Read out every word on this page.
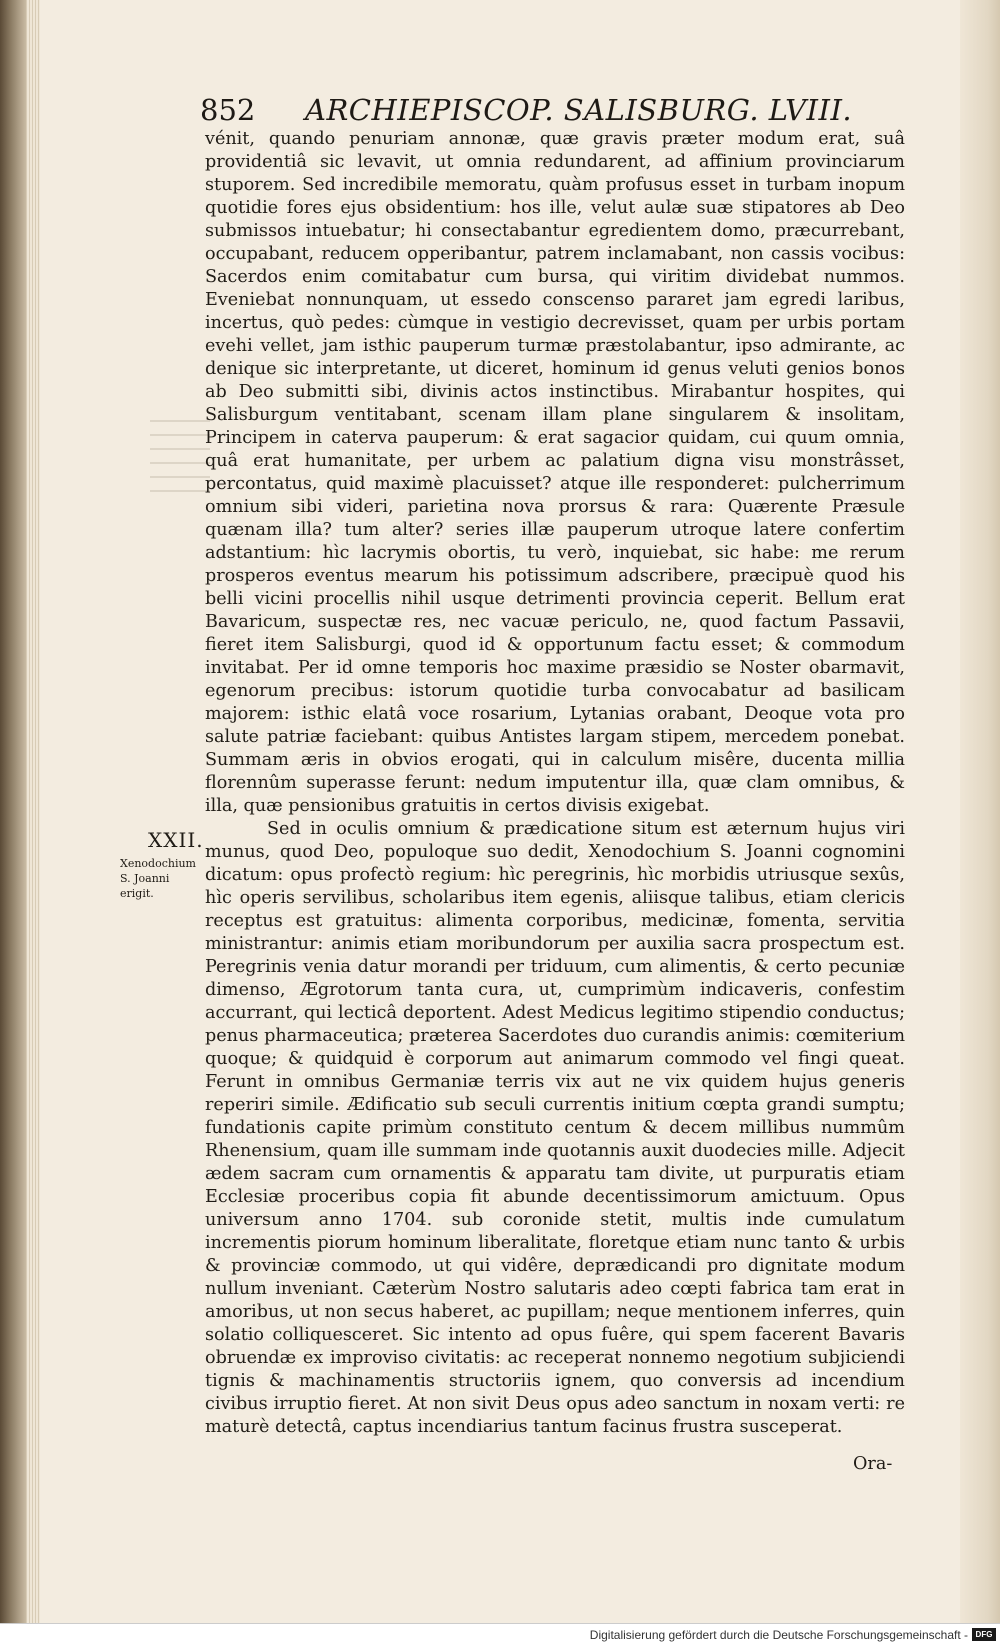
852 ARCHIEPISCOP. SALISBURG. LVIII.

vénit, quando penuriam annonæ, quæ gravis præter modum erat, suâ providentiâ sic levavit, ut omnia redundarent, ad affinium provinciarum stuporem. Sed incredibile memoratu, quàm profusus esset in turbam inopum quotidie fores ejus obsidentium: hos ille, velut aulæ suæ stipatores ab Deo submissos intuebatur; hi consectabantur egredientem domo, præcurrebant, occupabant, reducem opperibantur, patrem inclamabant, non cassis vocibus: Sacerdos enim comitabatur cum bursa, qui viritim dividebat nummos. Eveniebat nonnunquam, ut essedo conscenso pararet jam egredi laribus, incertus, quò pedes: cùmque in vestigio decrevisset, quam per urbis portam evehi vellet, jam isthic pauperum turmæ præstolabantur, ipso admirante, ac denique sic interpretante, ut diceret, hominum id genus veluti genios bonos ab Deo submitti sibi, divinis actos instinctibus. Mirabantur hospites, qui Salisburgum ventitabant, scenam illam plane singularem & insolitam, Principem in caterva pauperum: & erat sagacior quidam, cui quum omnia, quâ erat humanitate, per urbem ac palatium digna visu monstrâsset, percontatus, quid maximè placuisset? atque ille responderet: pulcherrimum omnium sibi videri, parietina nova prorsus & rara: Quærente Præsule quænam illa? tum alter? series illæ pauperum utroque latere confertim adstantium: hìc lacrymis obortis, tu verò, inquiebat, sic habe: me rerum prosperos eventus mearum his potissimum adscribere, præcipuè quod his belli vicini procellis nihil usque detrimenti provincia ceperit. Bellum erat Bavaricum, suspectæ res, nec vacuæ periculo, ne, quod factum Passavii, fieret item Salisburgi, quod id & opportunum factu esset; & commodum invitabat. Per id omne temporis hoc maxime præsidio se Noster obarmavit, egenorum precibus: istorum quotidie turba convocabatur ad basilicam majorem: isthic elatâ voce rosarium, Lytanias orabant, Deoque vota pro salute patriæ faciebant: quibus Antistes largam stipem, mercedem ponebat. Summam æris in obvios erogati, qui in calculum misêre, ducenta millia florennûm superasse ferunt: nedum imputentur illa, quæ clam omnibus, & illa, quæ pensionibus gratuitis in certos divisis exigebat.

Sed in oculis omnium & prædicatione situm est æternum hujus viri munus, quod Deo, populoque suo dedit, Xenodochium S. Joanni cognomini dicatum: opus profectò regium: hìc peregrinis, hìc morbidis utriusque sexûs, hìc operis servilibus, scholaribus item egenis, aliisque talibus, etiam clericis receptus est gratuitus: alimenta corporibus, medicinæ, fomenta, servitia ministrantur: animis etiam moribundorum per auxilia sacra prospectum est. Peregrinis venia datur morandi per triduum, cum alimentis, & certo pecuniæ dimenso, Ægrotorum tanta cura, ut, cumprimùm indicaveris, confestim accurrant, qui lecticâ deportent. Adest Medicus legitimo stipendio conductus; penus pharmaceutica; præterea Sacerdotes duo curandis animis: cœmiterium quoque; & quidquid è corporum aut animarum commodo vel fingi queat. Ferunt in omnibus Germaniæ terris vix aut ne vix quidem hujus generis reperiri simile. Ædificatio sub seculi currentis initium cœpta grandi sumptu; fundationis capite primùm constituto centum & decem millibus nummûm Rhenensium, quam ille summam inde quotannis auxit duodecies mille. Adjecit ædem sacram cum ornamentis & apparatu tam divite, ut purpuratis etiam Ecclesiæ proceribus copia fit abunde decentissimorum amictuum. Opus universum anno 1704. sub coronide stetit, multis inde cumulatum incrementis piorum hominum liberalitate, floretque etiam nunc tanto & urbis & provinciæ commodo, ut qui vidêre, deprædicandi pro dignitate modum nullum inveniant. Cæterùm Nostro salutaris adeo cœpti fabrica tam erat in amoribus, ut non secus haberet, ac pupillam; neque mentionem inferres, quin solatio colliquesceret. Sic intento ad opus fuêre, qui spem facerent Bavaris obruendæ ex improviso civitatis: ac receperat nonnemo negotium subjiciendi tignis & machinamentis structoriis ignem, quo conversis ad incendium civibus irruptio fieret. At non sivit Deus opus adeo sanctum in noxam verti: re maturè detectâ, captus incendiarius tantum facinus frustra susceperat.

XXII.
Xenodochium S. Joanni erigit.
Ora-
Digitalisierung gefördert durch die Deutsche Forschungsgemeinschaft - DFG
